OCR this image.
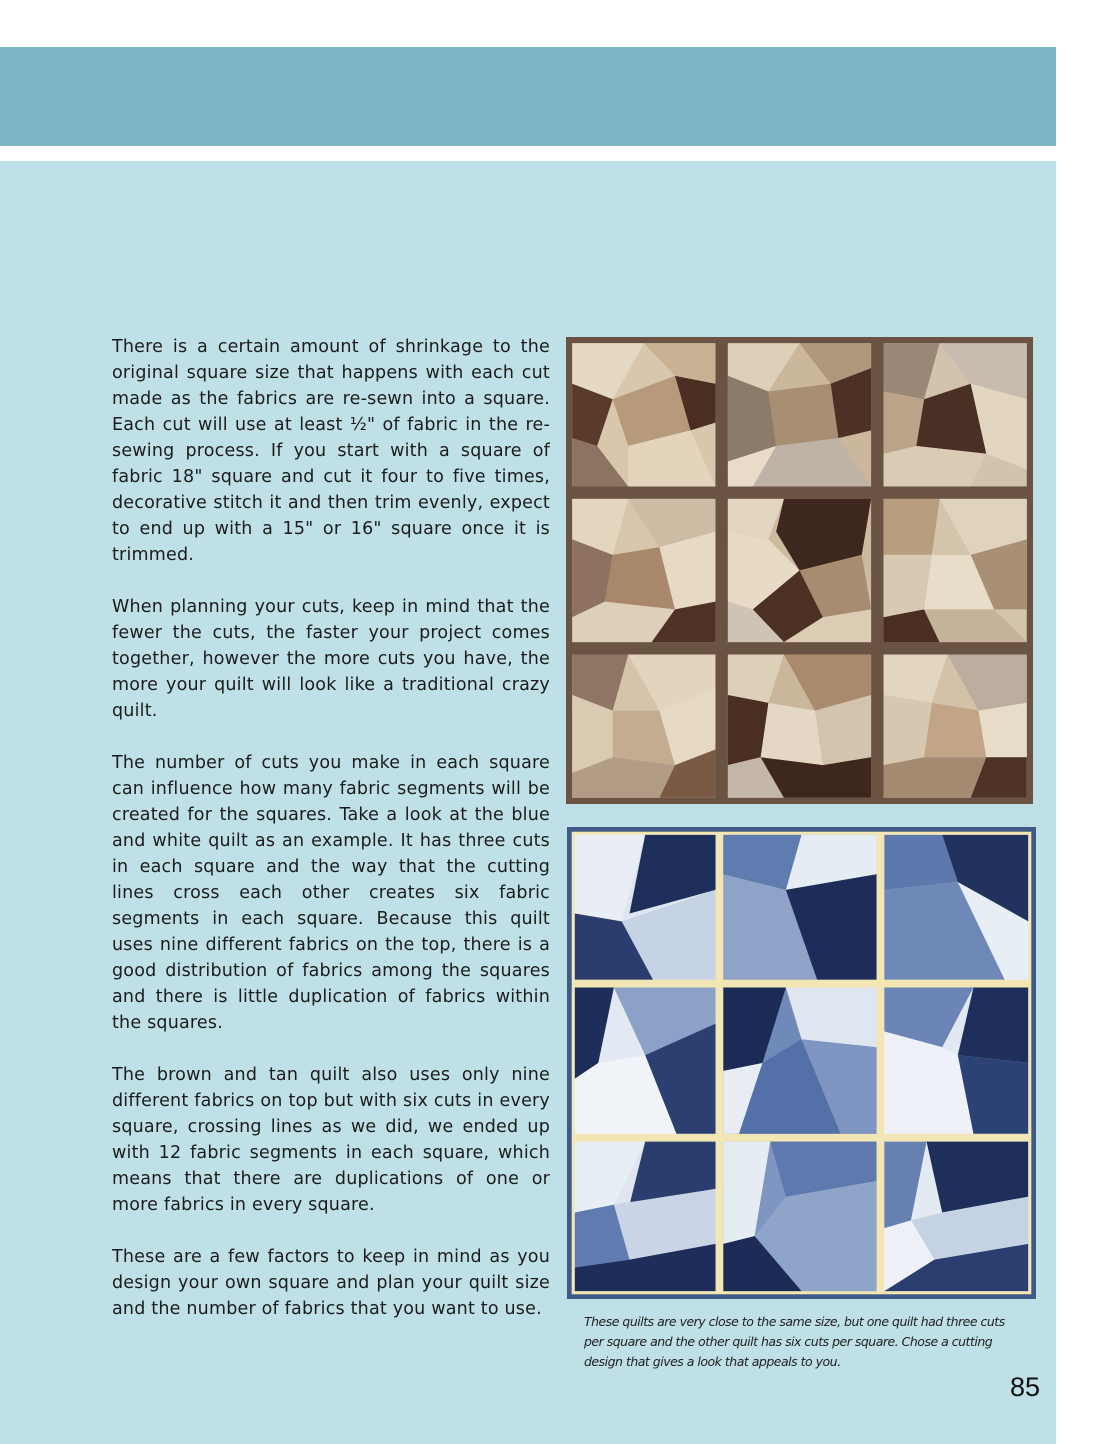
There is a certain amount of shrinkage to the original square size that happens with each cut made as the fabrics are re-sewn into a square. Each cut will use at least ½" of fabric in the re-sewing process. If you start with a square of fabric 18" square and cut it four to five times, decorative stitch it and then trim evenly, expect to end up with a 15" or 16" square once it is trimmed.

When planning your cuts, keep in mind that the fewer the cuts, the faster your project comes together, however the more cuts you have, the more your quilt will look like a traditional crazy quilt.

The number of cuts you make in each square can influence how many fabric segments will be created for the squares. Take a look at the blue and white quilt as an example. It has three cuts in each square and the way that the cutting lines cross each other creates six fabric segments in each square. Because this quilt uses nine different fabrics on the top, there is a good distribution of fabrics among the squares and there is little duplication of fabrics within the squares.

The brown and tan quilt also uses only nine different fabrics on top but with six cuts in every square, crossing lines as we did, we ended up with 12 fabric segments in each square, which means that there are duplications of one or more fabrics in every square.

These are a few factors to keep in mind as you design your own square and plan your quilt size and the number of fabrics that you want to use.

These quilts are very close to the same size, but one quilt had three cuts per square and the other quilt has six cuts per square. Chose a cutting design that gives a look that appeals to you.
85
